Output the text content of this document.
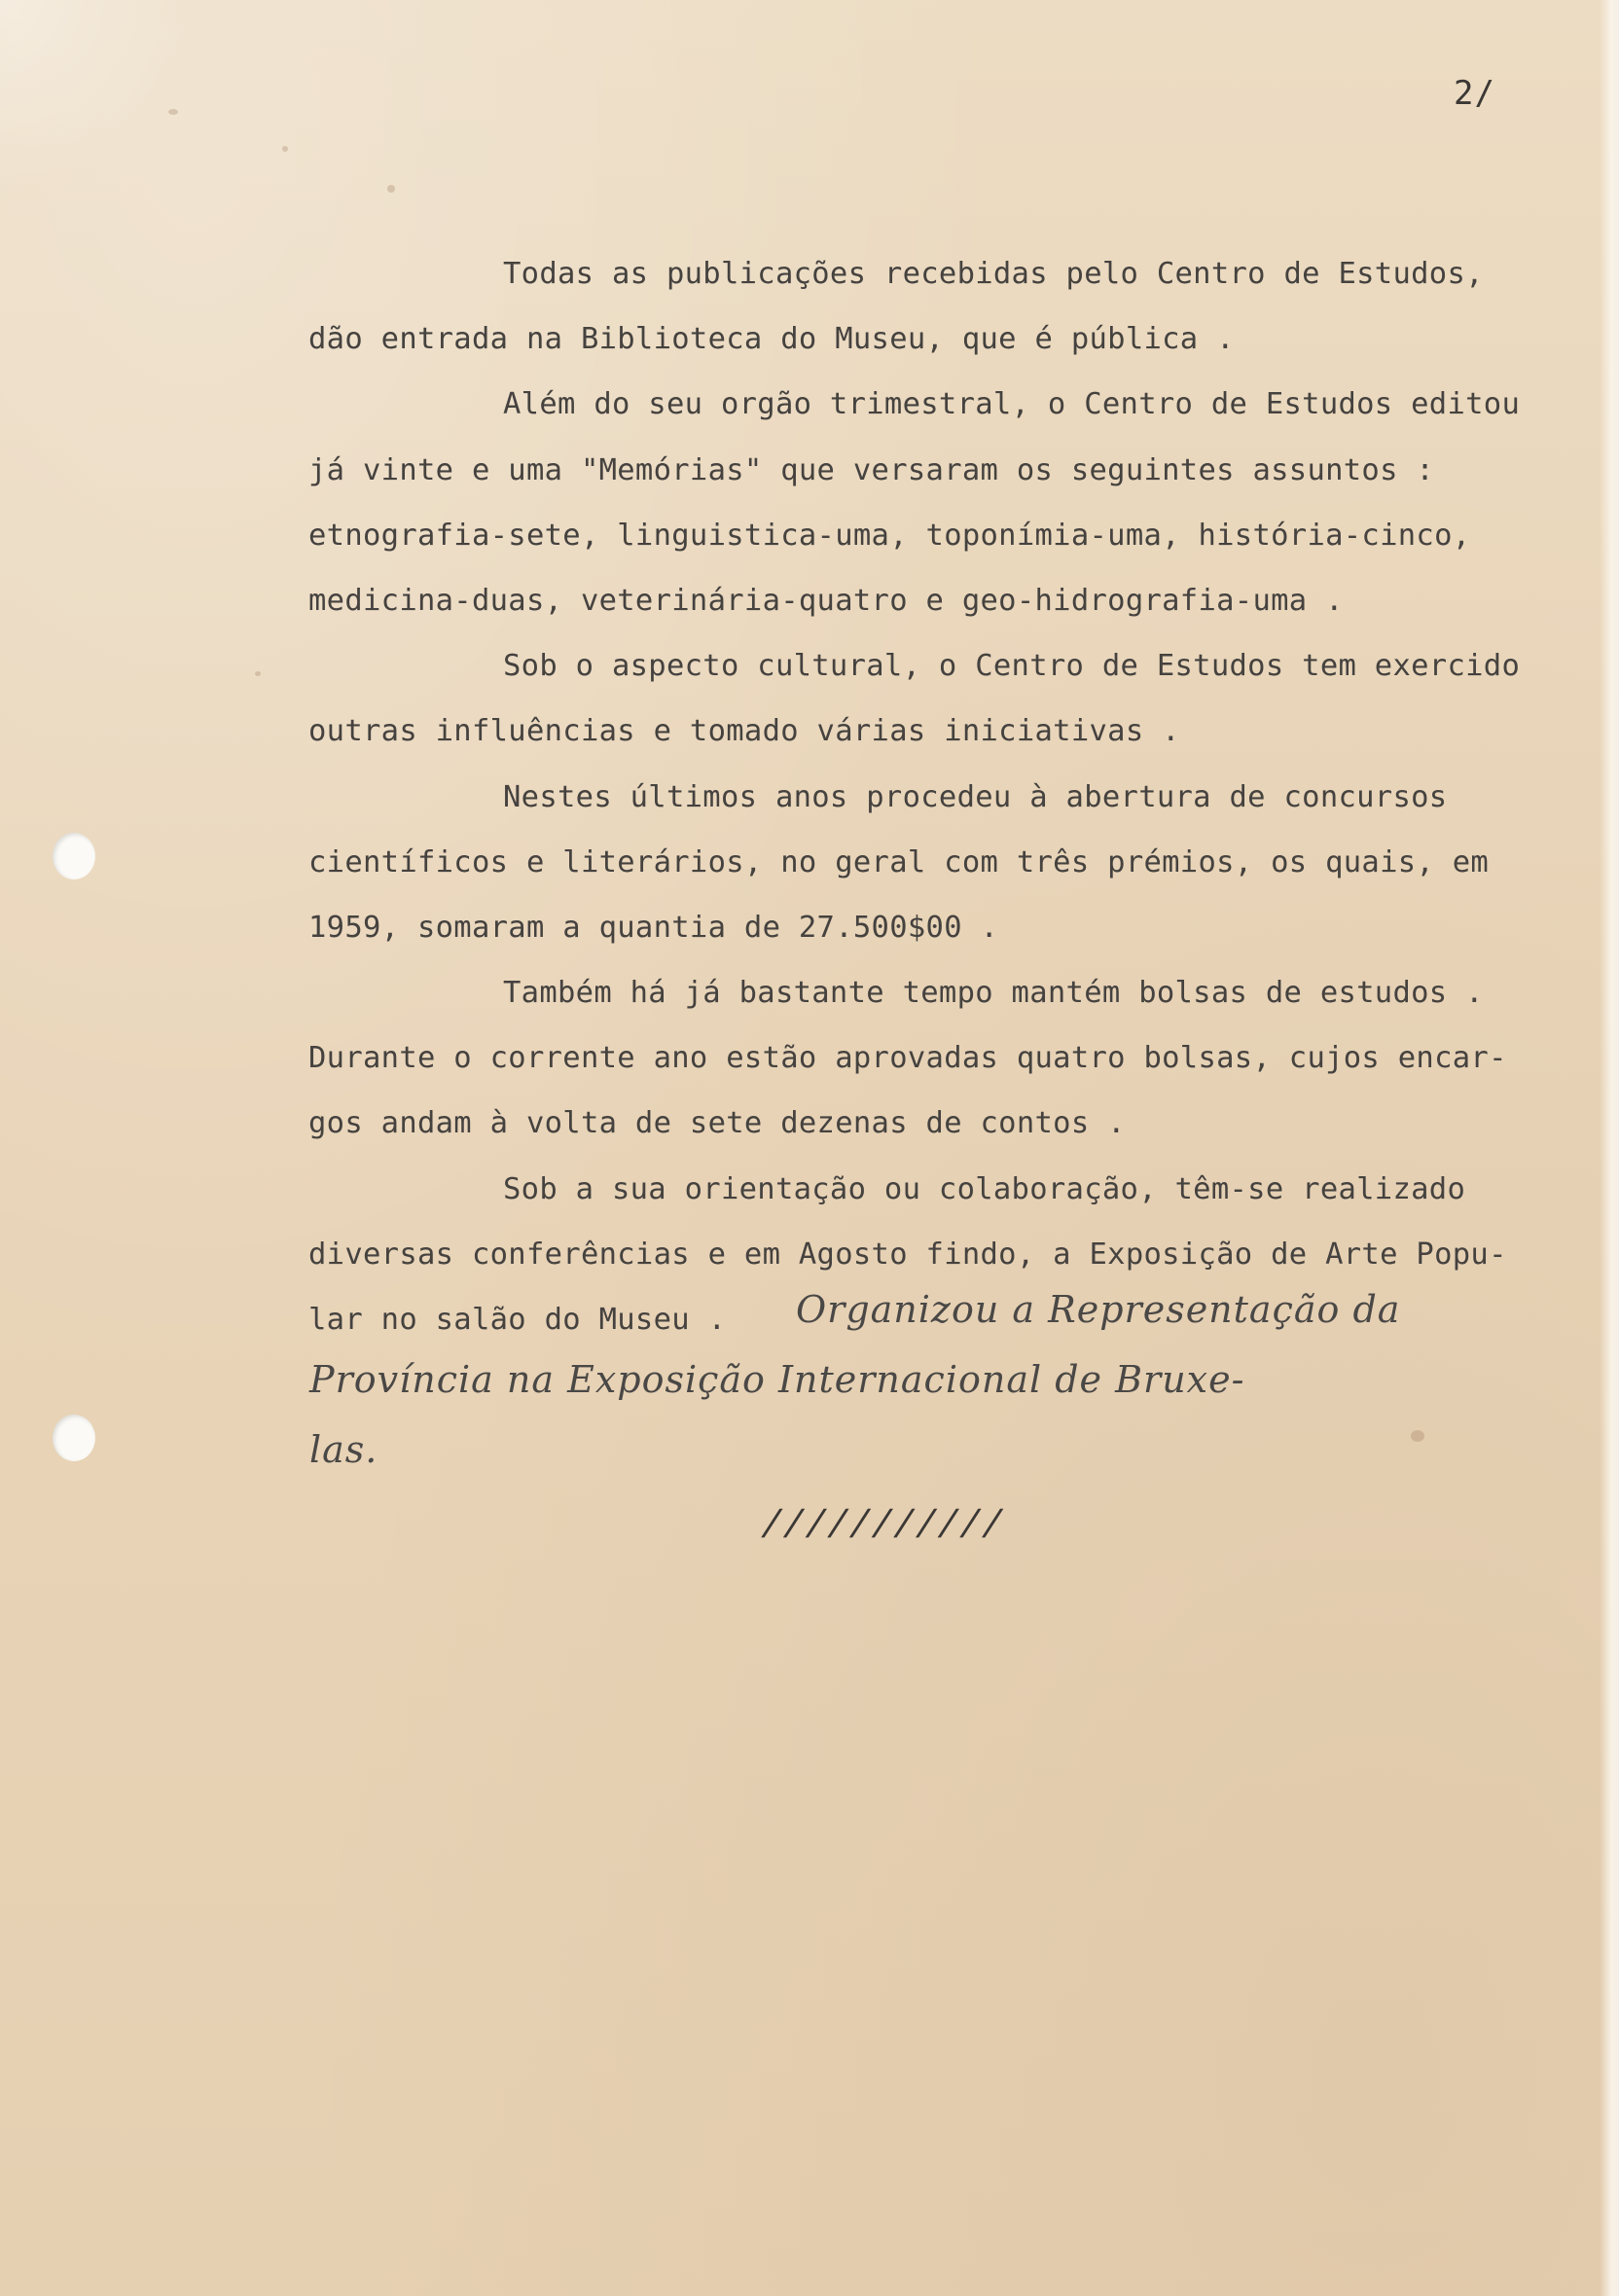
2/
Todas as publicações recebidas pelo Centro de Estudos,
dão entrada na Biblioteca do Museu, que é pública .
Além do seu orgão trimestral, o Centro de Estudos editou
já vinte e uma "Memórias" que versaram os seguintes assuntos :
etnografia-sete, linguistica-uma, toponímia-uma, história-cinco,
medicina-duas, veterinária-quatro e geo-hidrografia-uma .
Sob o aspecto cultural, o Centro de Estudos tem exercido
outras influências e tomado várias iniciativas .
Nestes últimos anos procedeu à abertura de concursos
científicos e literários, no geral com três prémios, os quais, em
1959, somaram a quantia de 27.500$00 .
Também há já bastante tempo mantém bolsas de estudos .
Durante o corrente ano estão aprovadas quatro bolsas, cujos encar-
gos andam à volta de sete dezenas de contos .
Sob a sua orientação ou colaboração, têm-se realizado
diversas conferências e em Agosto findo, a Exposição de Arte Popu-
lar no salão do Museu .	Organizou a Representação da
Província na Exposição Internacional de Bruxe-
las.
///////////
